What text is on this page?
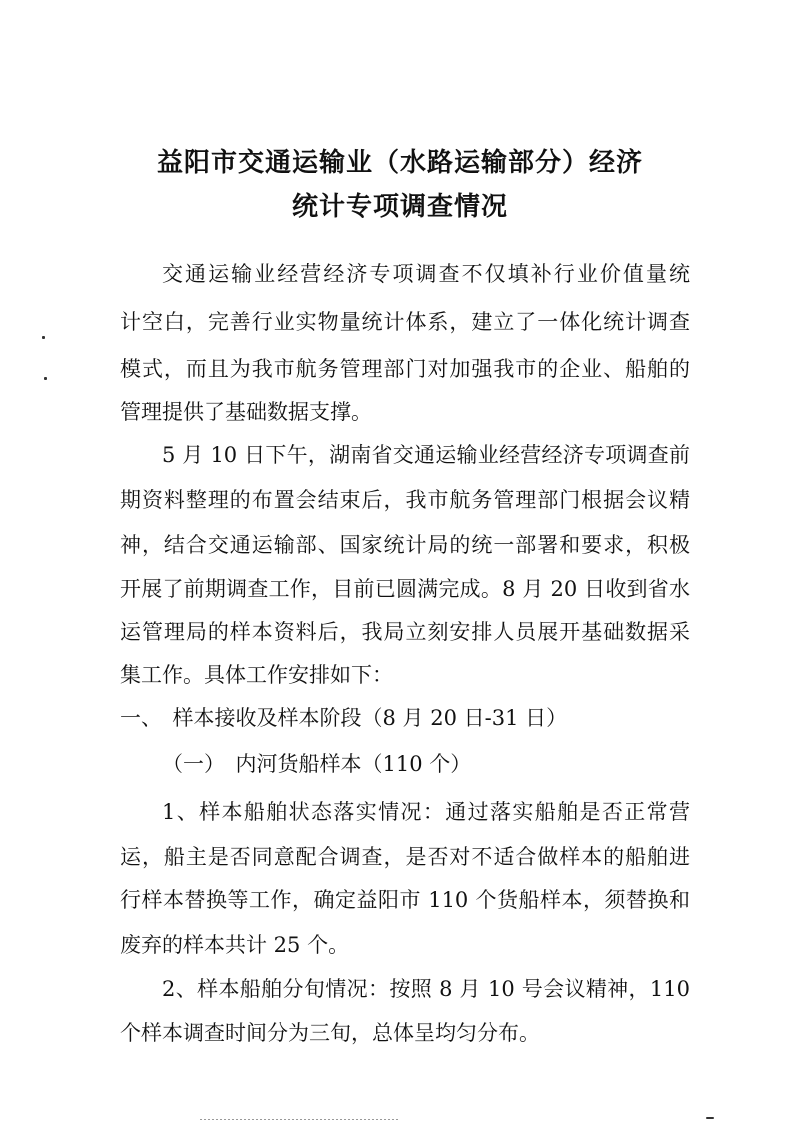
益阳市交通运输业（水路运输部分）经济
统计专项调查情况
交通运输业经营经济专项调查不仅填补行业价值量统
计空白，完善行业实物量统计体系，建立了一体化统计调查
模式，而且为我市航务管理部门对加强我市的企业、船舶的
管理提供了基础数据支撑。
5 月 10 日下午，湖南省交通运输业经营经济专项调查前
期资料整理的布置会结束后，我市航务管理部门根据会议精
神，结合交通运输部、国家统计局的统一部署和要求，积极
开展了前期调查工作，目前已圆满完成。8 月 20 日收到省水
运管理局的样本资料后，我局立刻安排人员展开基础数据采
集工作。具体工作安排如下：
一、　样本接收及样本阶段（8 月 20 日-31 日）
（一）　内河货船样本（110 个）
1、样本船舶状态落实情况：通过落实船舶是否正常营
运，船主是否同意配合调查，是否对不适合做样本的船舶进
行样本替换等工作，确定益阳市 110 个货船样本，须替换和
废弃的样本共计 25 个。
2、样本船舶分旬情况：按照 8 月 10 号会议精神，110
个样本调查时间分为三旬，总体呈均匀分布。
